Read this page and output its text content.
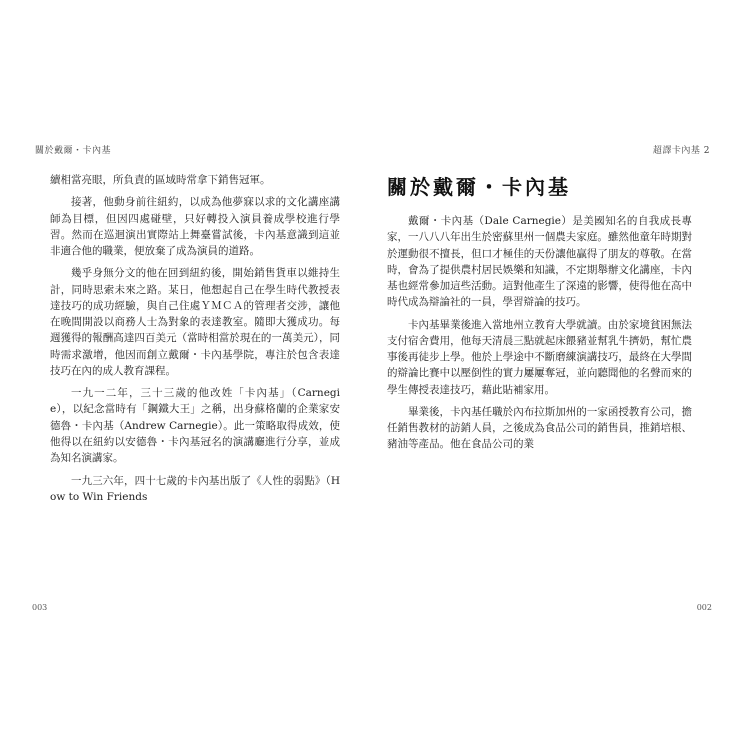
關於戴爾・卡內基

續相當亮眼，所負責的區域時常拿下銷售冠軍。

接著，他動身前往紐約，以成為他夢寐以求的文化講座講師為目標，但因四處碰壁，只好轉投入演員養成學校進行學習。然而在巡迴演出實際站上舞臺嘗試後，卡內基意識到這並非適合他的職業，便放棄了成為演員的道路。

幾乎身無分文的他在回到紐約後，開始銷售貨車以維持生計，同時思索未來之路。某日，他想起自己在學生時代教授表達技巧的成功經驗，與自己住處ＹＭＣＡ的管理者交涉，讓他在晚間開設以商務人士為對象的表達教室。隨即大獲成功。每週獲得的報酬高達四百美元（當時相當於現在的一萬美元），同時需求激增，他因而創立戴爾・卡內基學院，專注於包含表達技巧在內的成人教育課程。

一九一二年，三十三歲的他改姓「卡內基」（Carnegie），以紀念當時有「鋼鐵大王」之稱，出身蘇格蘭的企業家安德魯・卡內基（Andrew Carnegie）。此一策略取得成效，使他得以在紐約以安德魯・卡內基冠名的演講廳進行分享，並成為知名演講家。

一九三六年，四十七歲的卡內基出版了《人性的弱點》（How to Win Friends

003
超譯卡內基 2
關於戴爾・卡內基

戴爾・卡內基（Dale Carnegie）是美國知名的自我成長專家，一八八八年出生於密蘇里州一個農夫家庭。雖然他童年時期對於運動很不擅長，但口才極佳的天份讓他贏得了朋友的尊敬。在當時，會為了提供農村居民娛樂和知識，不定期舉辦文化講座，卡內基也經常參加這些活動。這對他產生了深遠的影響，使得他在高中時代成為辯論社的一員，學習辯論的技巧。

卡內基畢業後進入當地州立教育大學就讀。由於家境貧困無法支付宿舍費用，他每天清晨三點就起床餵豬並幫乳牛擠奶，幫忙農事後再徒步上學。他於上學途中不斷磨練演講技巧，最終在大學間的辯論比賽中以壓倒性的實力屢屢奪冠，並向聽聞他的名聲而來的學生傳授表達技巧，藉此貼補家用。

畢業後，卡內基任職於內布拉斯加州的一家函授教育公司，擔任銷售教材的訪銷人員，之後成為食品公司的銷售員，推銷培根、豬油等產品。他在食品公司的業

002
